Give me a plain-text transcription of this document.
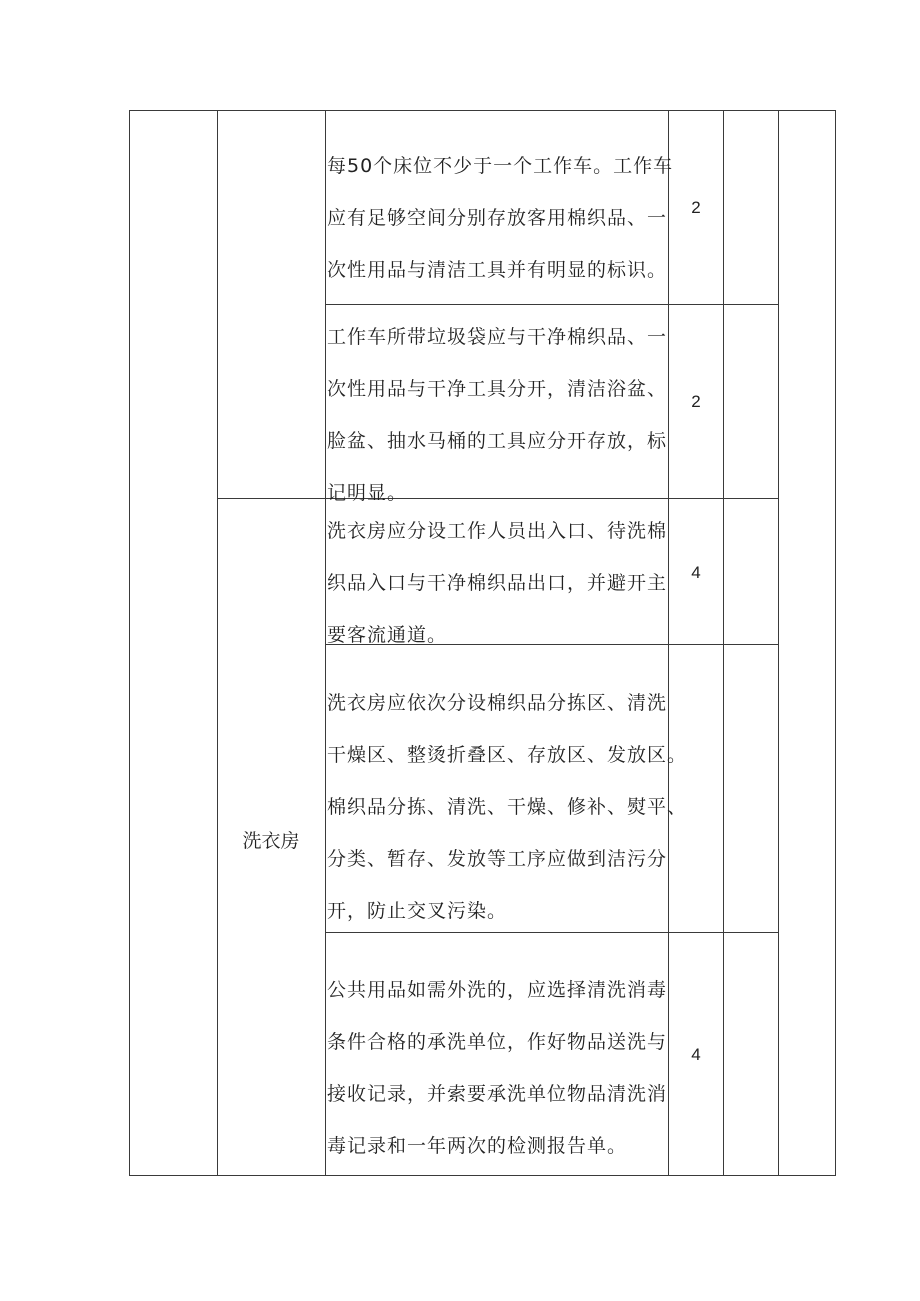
每50个床位不少于一个工作车。工作车
应有足够空间分别存放客用棉织品、一
次性用品与清洁工具并有明显的标识。
2
工作车所带垃圾袋应与干净棉织品、一
次性用品与干净工具分开，清洁浴盆、
脸盆、抽水马桶的工具应分开存放，标
记明显。
2
洗衣房应分设工作人员出入口、待洗棉
织品入口与干净棉织品出口，并避开主
要客流通道。
4
洗衣房应依次分设棉织品分拣区、清洗
干燥区、整烫折叠区、存放区、发放区。
棉织品分拣、清洗、干燥、修补、熨平、
分类、暂存、发放等工序应做到洁污分
开，防止交叉污染。
公共用品如需外洗的，应选择清洗消毒
条件合格的承洗单位，作好物品送洗与
接收记录，并索要承洗单位物品清洗消
毒记录和一年两次的检测报告单。
4
洗衣房
